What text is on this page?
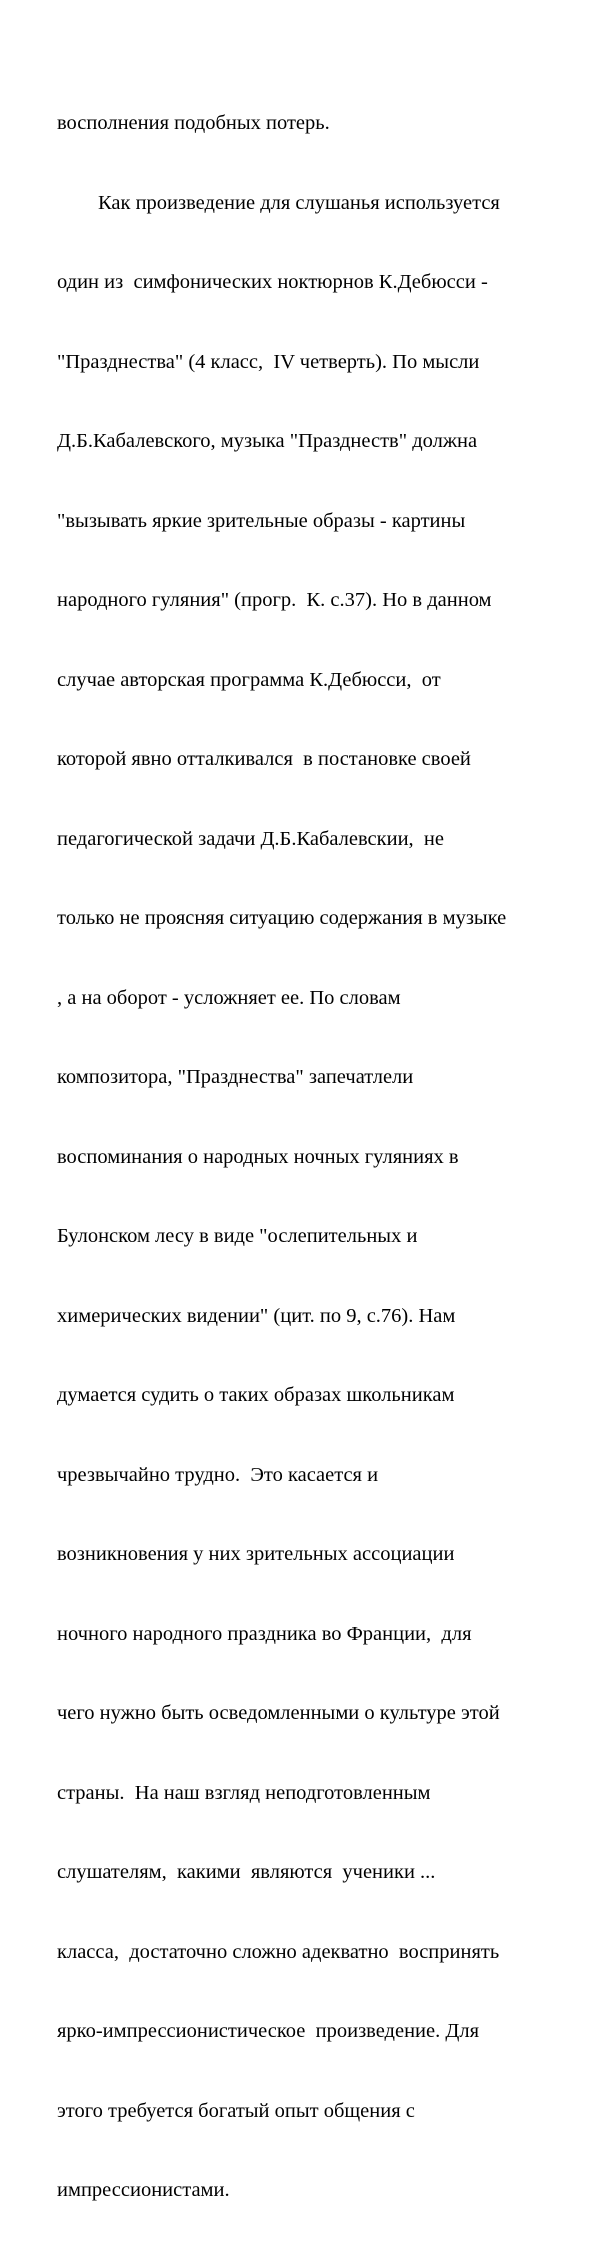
восполнения подобных потерь.

Как произведение для слушанья используется

один из  симфонических ноктюрнов К.Дебюсси -

"Празднества" (4 класс,  IV четверть). По мысли

Д.Б.Кабалевского, музыка "Празднеств" должна

"вызывать яркие зрительные образы - картины

народного гуляния" (прогр.  К. с.37). Но в данном

случае авторская программа К.Дебюсси,  от

которой явно отталкивался  в постановке своей

педагогической задачи Д.Б.Кабалевскии,  не

только не проясняя ситуацию содержания в музыке

, а на оборот - усложняет ее. По словам

композитора, "Празднества" запечатлели

воспоминания о народных ночных гуляниях в

Булонском лесу в виде "ослепительных и

химерических видении" (цит. по 9, с.76). Нам

думается судить о таких образах школьникам

чрезвычайно трудно.  Это касается и

возникновения у них зрительных ассоциации

ночного народного праздника во Франции,  для

чего нужно быть осведомленными о культуре этой

страны.  На наш взгляд неподготовленным

слушателям,  какими  являются  ученики ...

класса,  достаточно сложно адекватно  воспринять

ярко-импрессионистическое  произведение. Для

этого требуется богатый опыт общения с

импрессионистами.
